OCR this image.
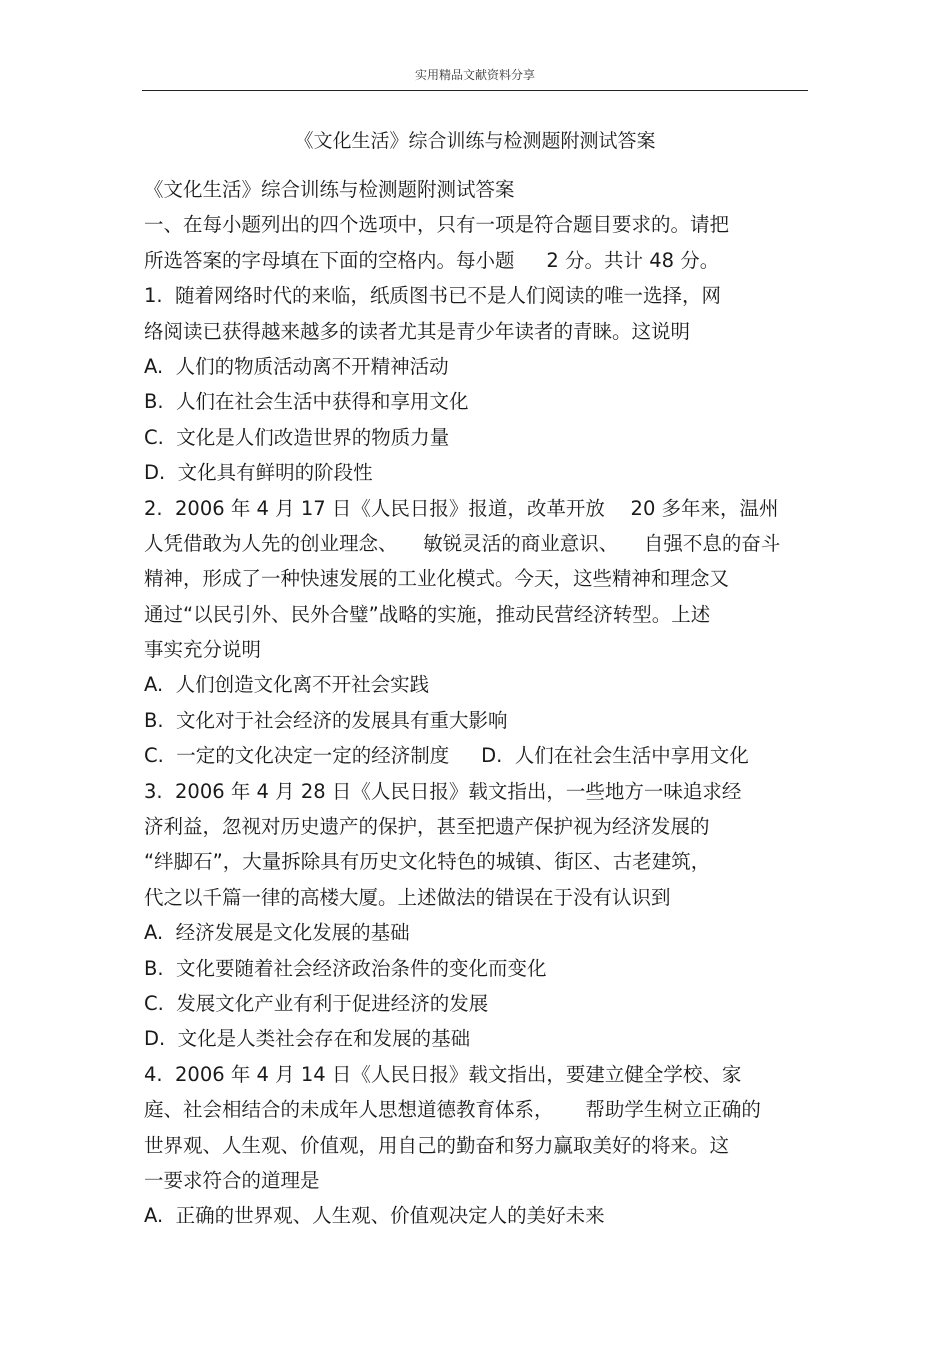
实用精品文献资料分享
《文化生活》综合训练与检测题附测试答案
《文化生活》综合训练与检测题附测试答案
一、在每小题列出的四个选项中，只有一项是符合题目要求的。请把
所选答案的字母填在下面的空格内。每小题 　 2 分。共计 48 分。
1.  随着网络时代的来临，纸质图书已不是人们阅读的唯一选择，网
络阅读已获得越来越多的读者尤其是青少年读者的青睐。这说明
A.  人们的物质活动离不开精神活动
B.  人们在社会生活中获得和享用文化
C.  文化是人们改造世界的物质力量
D.  文化具有鲜明的阶段性
2.  2006 年 4 月 17 日《人民日报》报道，改革开放 　20 多年来，温州
人凭借敢为人先的创业理念、 　敏锐灵活的商业意识、 　自强不息的奋斗
精神，形成了一种快速发展的工业化模式。今天，这些精神和理念又
通过“以民引外、民外合璧”战略的实施，推动民营经济转型。上述
事实充分说明
A.  人们创造文化离不开社会实践
B.  文化对于社会经济的发展具有重大影响
C.  一定的文化决定一定的经济制度 　 D.  人们在社会生活中享用文化
3.  2006 年 4 月 28 日《人民日报》载文指出，一些地方一味追求经
济利益，忽视对历史遗产的保护，甚至把遗产保护视为经济发展的
“绊脚石”，大量拆除具有历史文化特色的城镇、街区、古老建筑，
代之以千篇一律的高楼大厦。上述做法的错误在于没有认识到
A.  经济发展是文化发展的基础
B.  文化要随着社会经济政治条件的变化而变化
C.  发展文化产业有利于促进经济的发展
D.  文化是人类社会存在和发展的基础
4.  2006 年 4 月 14 日《人民日报》载文指出，要建立健全学校、家
庭、社会相结合的未成年人思想道德教育体系， 　 帮助学生树立正确的
世界观、人生观、价值观，用自己的勤奋和努力赢取美好的将来。这
一要求符合的道理是
A.  正确的世界观、人生观、价值观决定人的美好未来
